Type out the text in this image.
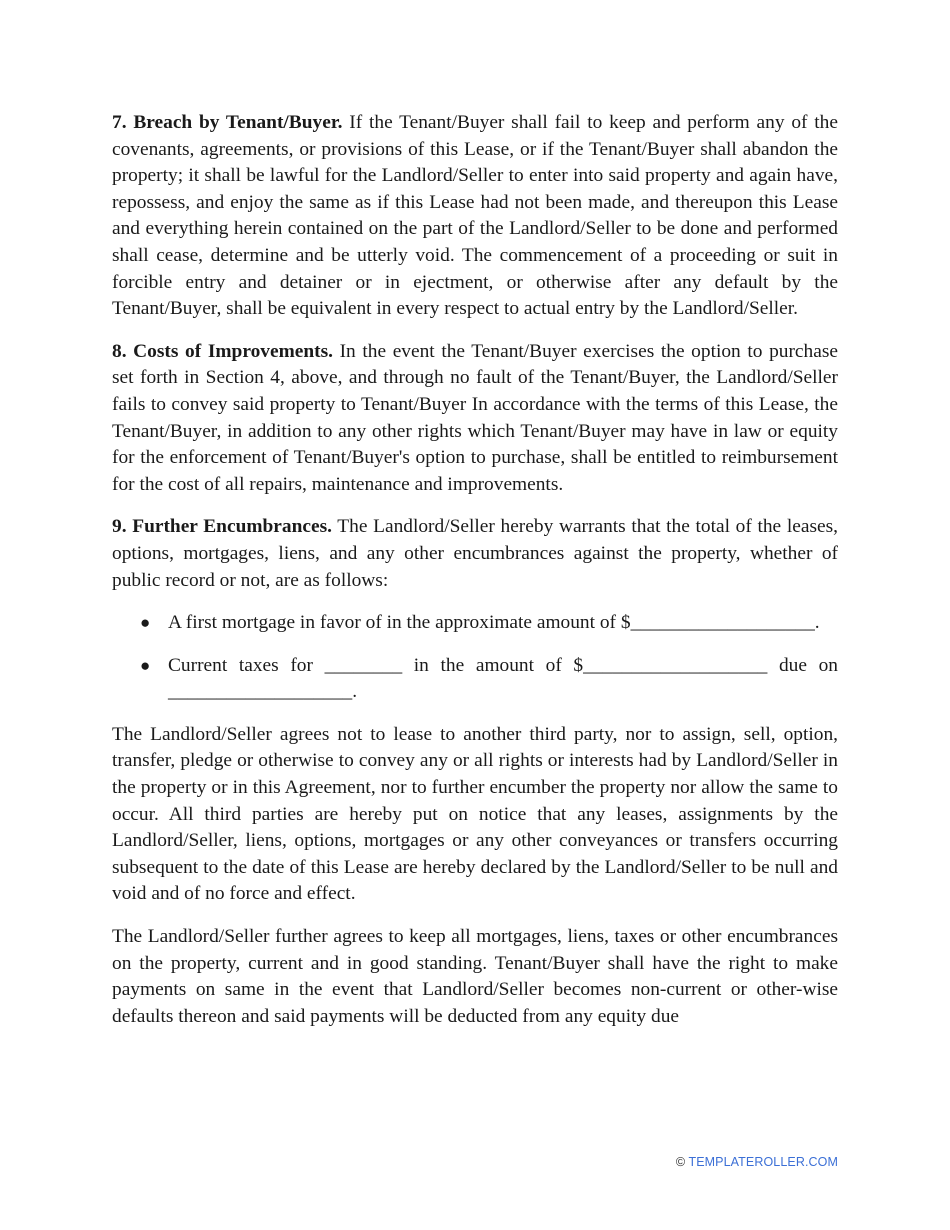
7. Breach by Tenant/Buyer. If the Tenant/Buyer shall fail to keep and perform any of the covenants, agreements, or provisions of this Lease, or if the Tenant/Buyer shall abandon the property; it shall be lawful for the Landlord/Seller to enter into said property and again have, repossess, and enjoy the same as if this Lease had not been made, and thereupon this Lease and everything herein contained on the part of the Landlord/Seller to be done and performed shall cease, determine and be utterly void. The commencement of a proceeding or suit in forcible entry and detainer or in ejectment, or otherwise after any default by the Tenant/Buyer, shall be equivalent in every respect to actual entry by the Landlord/Seller.

8. Costs of Improvements. In the event the Tenant/Buyer exercises the option to purchase set forth in Section 4, above, and through no fault of the Tenant/Buyer, the Landlord/Seller fails to convey said property to Tenant/Buyer In accordance with the terms of this Lease, the Tenant/Buyer, in addition to any other rights which Tenant/Buyer may have in law or equity for the enforcement of Tenant/Buyer's option to purchase, shall be entitled to reimbursement for the cost of all repairs, maintenance and improvements.

9. Further Encumbrances. The Landlord/Seller hereby warrants that the total of the leases, options, mortgages, liens, and any other encumbrances against the property, whether of public record or not, are as follows:

● A first mortgage in favor of in the approximate amount of $___________________.
● Current taxes for ________ in the amount of $___________________ due on ___________________.

The Landlord/Seller agrees not to lease to another third party, nor to assign, sell, option, transfer, pledge or otherwise to convey any or all rights or interests had by Landlord/Seller in the property or in this Agreement, nor to further encumber the property nor allow the same to occur. All third parties are hereby put on notice that any leases, assignments by the Landlord/Seller, liens, options, mortgages or any other conveyances or transfers occurring subsequent to the date of this Lease are hereby declared by the Landlord/Seller to be null and void and of no force and effect.

The Landlord/Seller further agrees to keep all mortgages, liens, taxes or other encumbrances on the property, current and in good standing. Tenant/Buyer shall have the right to make payments on same in the event that Landlord/Seller becomes non-current or other-wise defaults thereon and said payments will be deducted from any equity due

© TEMPLATEROLLER.COM
